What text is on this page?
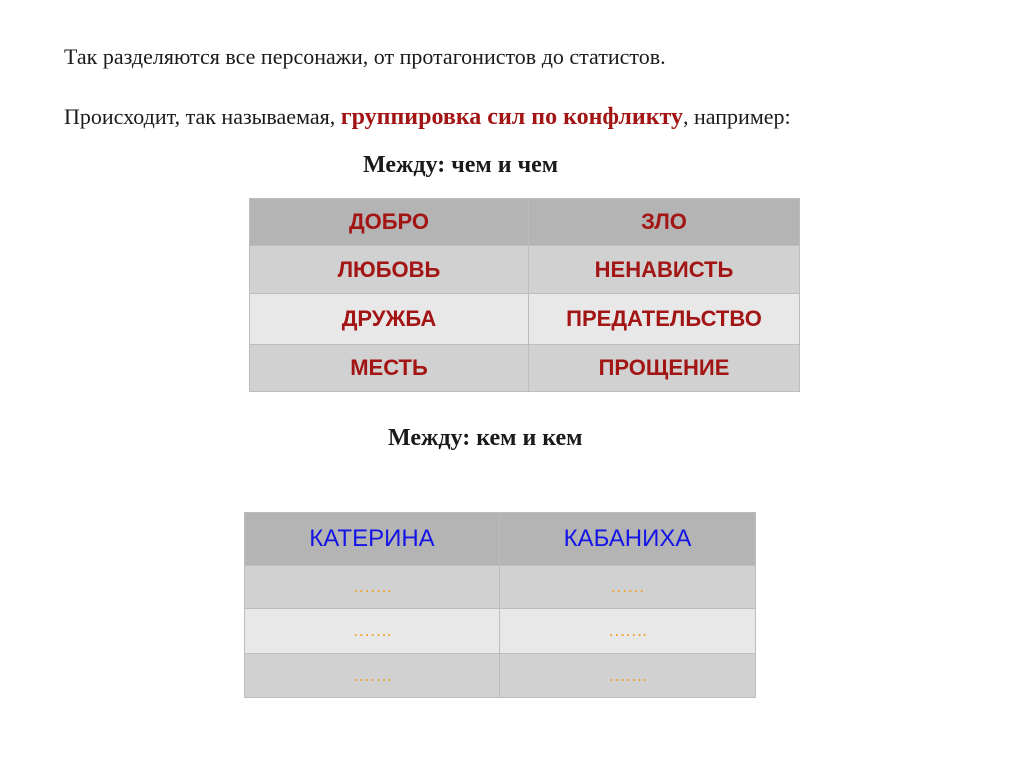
Так разделяются все персонажи, от протагонистов до статистов.
Происходит, так называемая, группировка сил по конфликту, например:
Между: чем и чем
ДОБРО	ЗЛО
ЛЮБОВЬ	НЕНАВИСТЬ
ДРУЖБА	ПРЕДАТЕЛЬСТВО
МЕСТЬ	ПРОЩЕНИЕ
Между: кем и кем
КАТЕРИНА	КАБАНИХА
…….	……
…….	…….
…….	…….
